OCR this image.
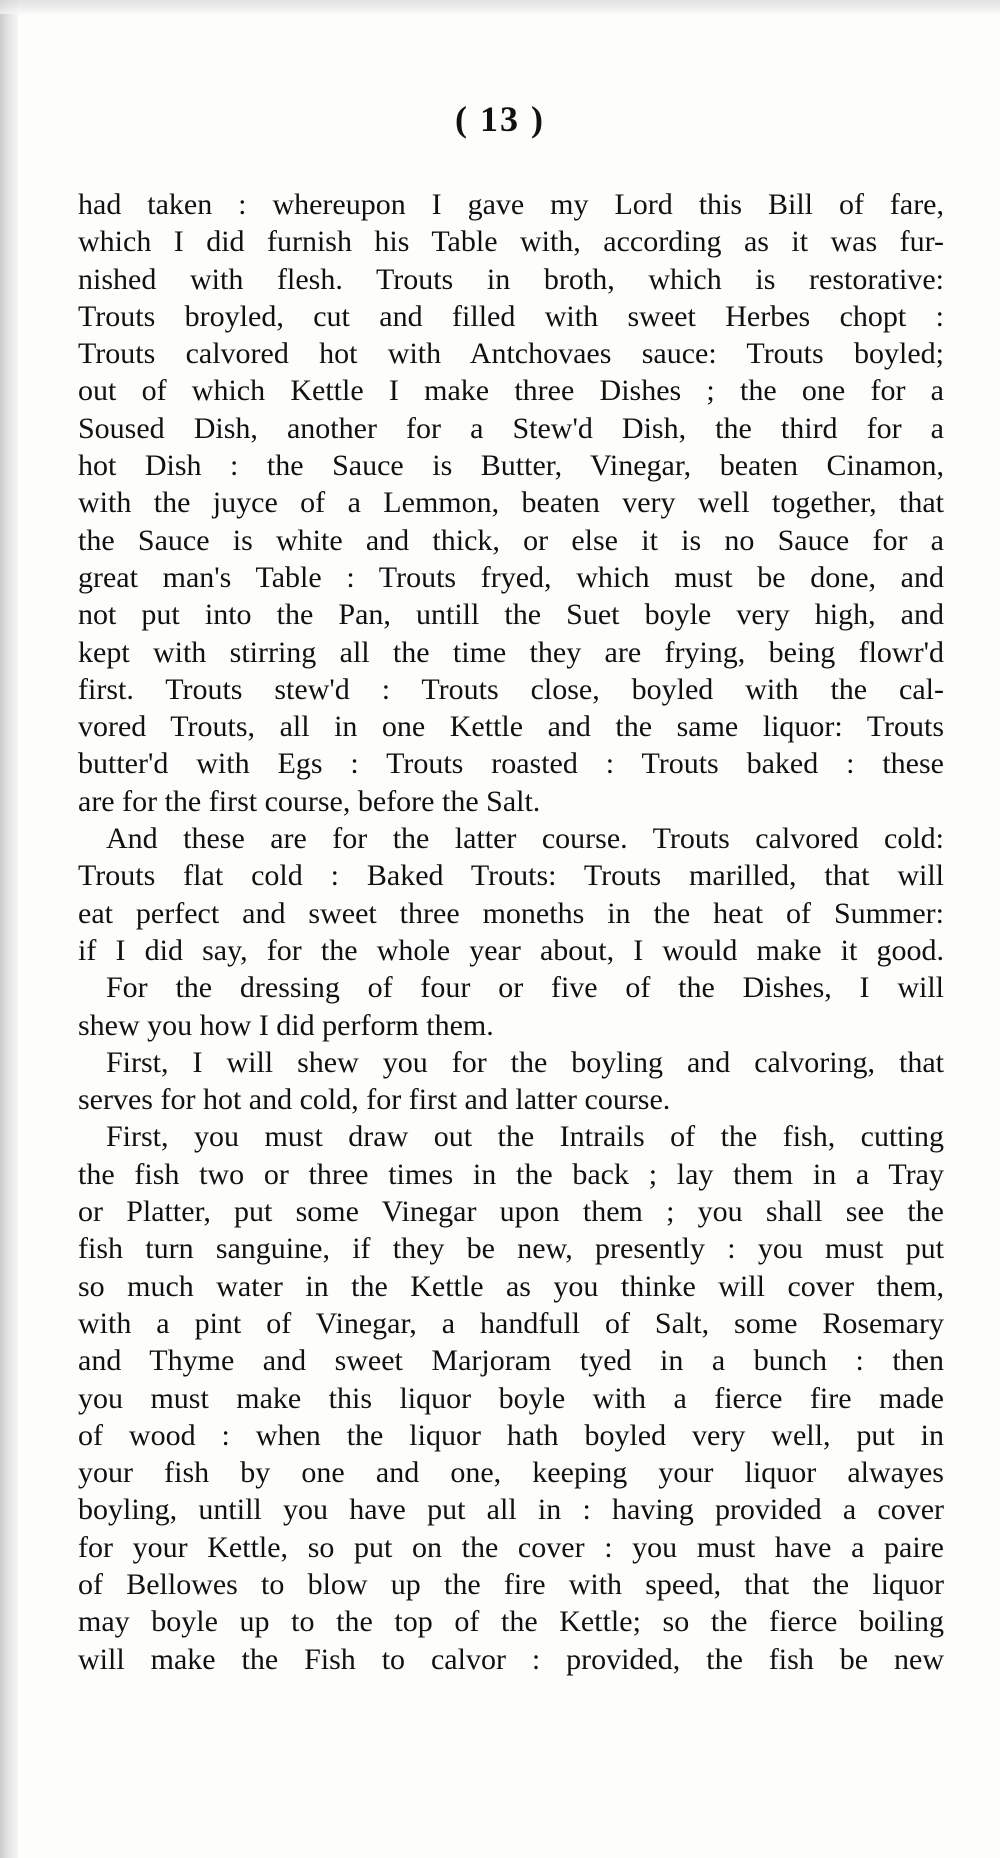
( 13 )
had taken : whereupon I gave my Lord this Bill of fare,
which I did furnish his Table with, according as it was fur-
nished with flesh. Trouts in broth, which is restorative:
Trouts broyled, cut and filled with sweet Herbes chopt :
Trouts calvored hot with Antchovaes sauce: Trouts boyled;
out of which Kettle I make three Dishes ; the one for a
Soused Dish, another for a Stew'd Dish, the third for a
hot Dish : the Sauce is Butter, Vinegar, beaten Cinamon,
with the juyce of a Lemmon, beaten very well together, that
the Sauce is white and thick, or else it is no Sauce for a
great man's Table : Trouts fryed, which must be done, and
not put into the Pan, untill the Suet boyle very high, and
kept with stirring all the time they are frying, being flowr'd
first. Trouts stew'd : Trouts close, boyled with the cal-
vored Trouts, all in one Kettle and the same liquor: Trouts
butter'd with Egs : Trouts roasted : Trouts baked : these
are for the first course, before the Salt.
And these are for the latter course. Trouts calvored cold:
Trouts flat cold : Baked Trouts: Trouts marilled, that will
eat perfect and sweet three moneths in the heat of Summer:
if I did say, for the whole year about, I would make it good.
For the dressing of four or five of the Dishes, I will
shew you how I did perform them.
First, I will shew you for the boyling and calvoring, that
serves for hot and cold, for first and latter course.
First, you must draw out the Intrails of the fish, cutting
the fish two or three times in the back ; lay them in a Tray
or Platter, put some Vinegar upon them ; you shall see the
fish turn sanguine, if they be new, presently : you must put
so much water in the Kettle as you thinke will cover them,
with a pint of Vinegar, a handfull of Salt, some Rosemary
and Thyme and sweet Marjoram tyed in a bunch : then
you must make this liquor boyle with a fierce fire made
of wood : when the liquor hath boyled very well, put in
your fish by one and one, keeping your liquor alwayes
boyling, untill you have put all in : having provided a cover
for your Kettle, so put on the cover : you must have a paire
of Bellowes to blow up the fire with speed, that the liquor
may boyle up to the top of the Kettle; so the fierce boiling
will make the Fish to calvor : provided, the fish be new
